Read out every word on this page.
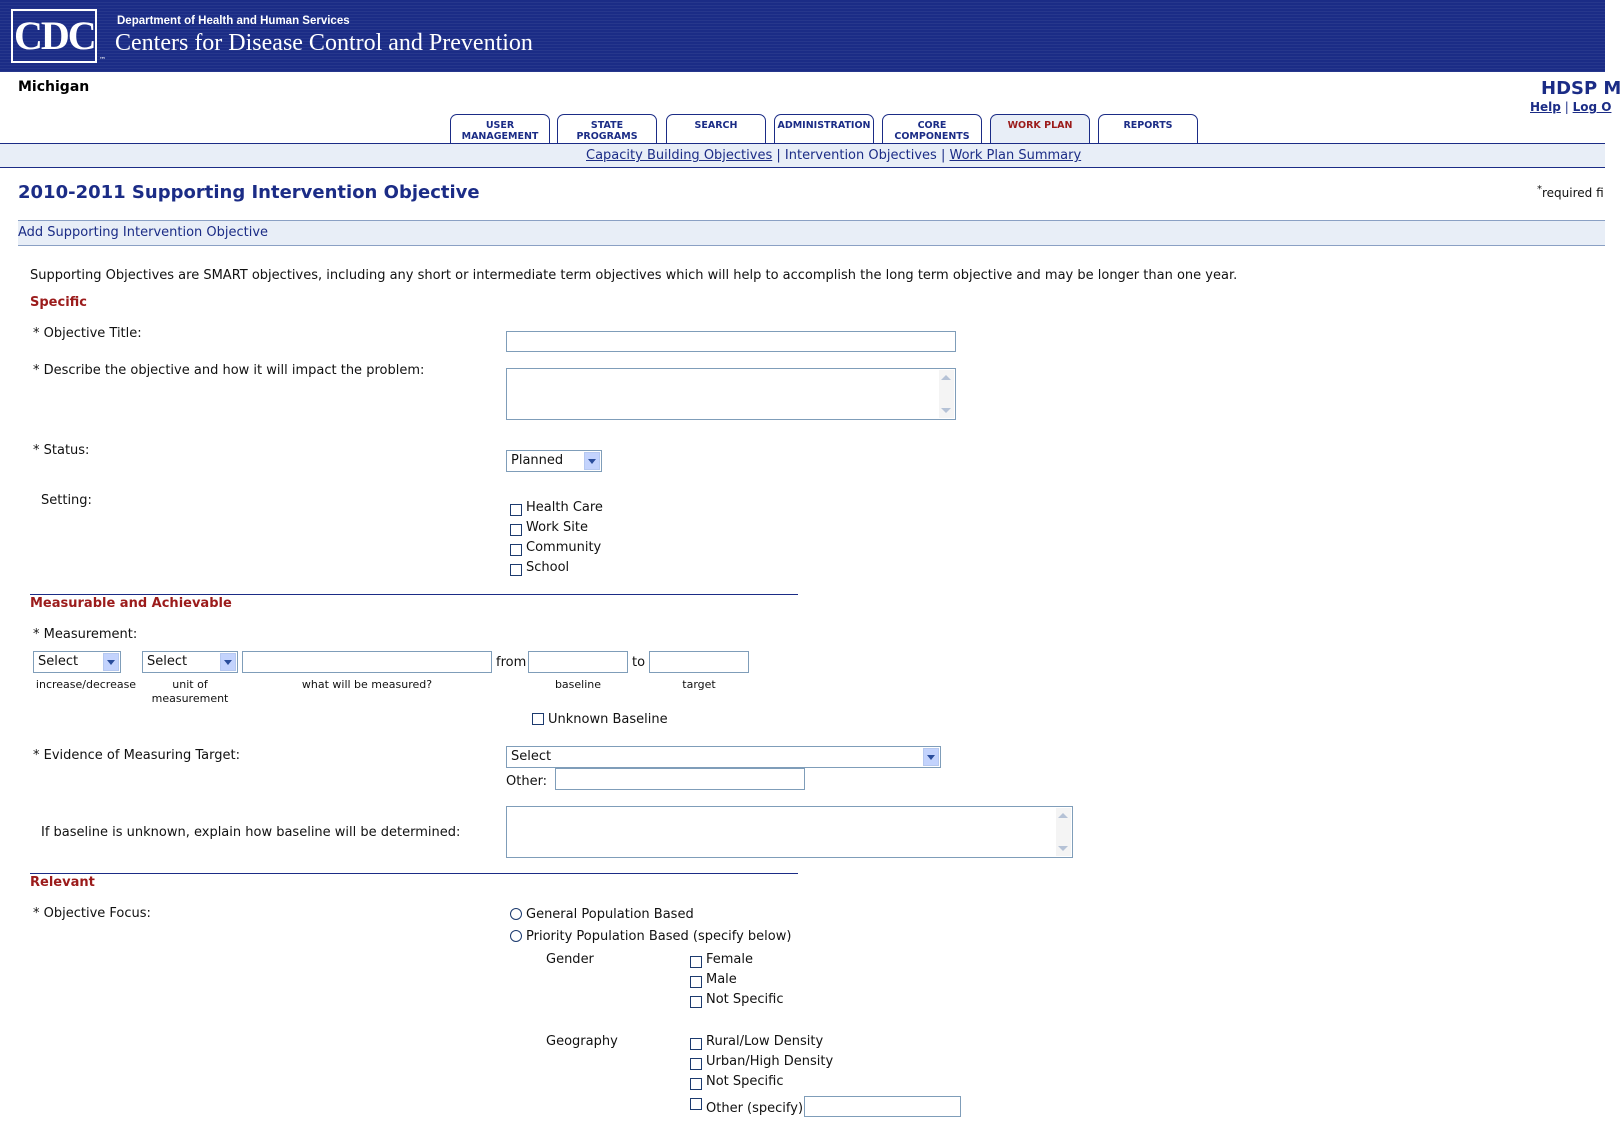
CDC
™
Department of Health and Human Services
Centers for Disease Control and Prevention
Michigan	HDSP M
Help | Log O
USER
MANAGEMENT
STATE
PROGRAMS
SEARCH	ADMINISTRATION	CORE
COMPONENTS
WORK PLAN	REPORTS
Capacity Building Objectives | Intervention Objectives | Work Plan Summary
2010-2011 Supporting Intervention Objective	*required fi
Add Supporting Intervention Objective
Supporting Objectives are SMART objectives, including any short or intermediate term objectives which will help to accomplish the long term objective and may be longer than one year.
Specific
* Objective Title:
* Describe the objective and how it will impact the problem:
* Status:
Planned
Setting:	Health Care
Work Site
Community
School
Measurable and Achievable
* Measurement:
Select	Select	from	to
increase/decrease	unit of
measurement
what will be measured?	baseline	target
Unknown Baseline
* Evidence of Measuring Target:	Select
Other:
If baseline is unknown, explain how baseline will be determined:
Relevant
* Objective Focus:	General Population Based
Priority Population Based (specify below)
Gender	Female
Male
Not Specific
Geography	Rural/Low Density
Urban/High Density
Not Specific
Other (specify)
